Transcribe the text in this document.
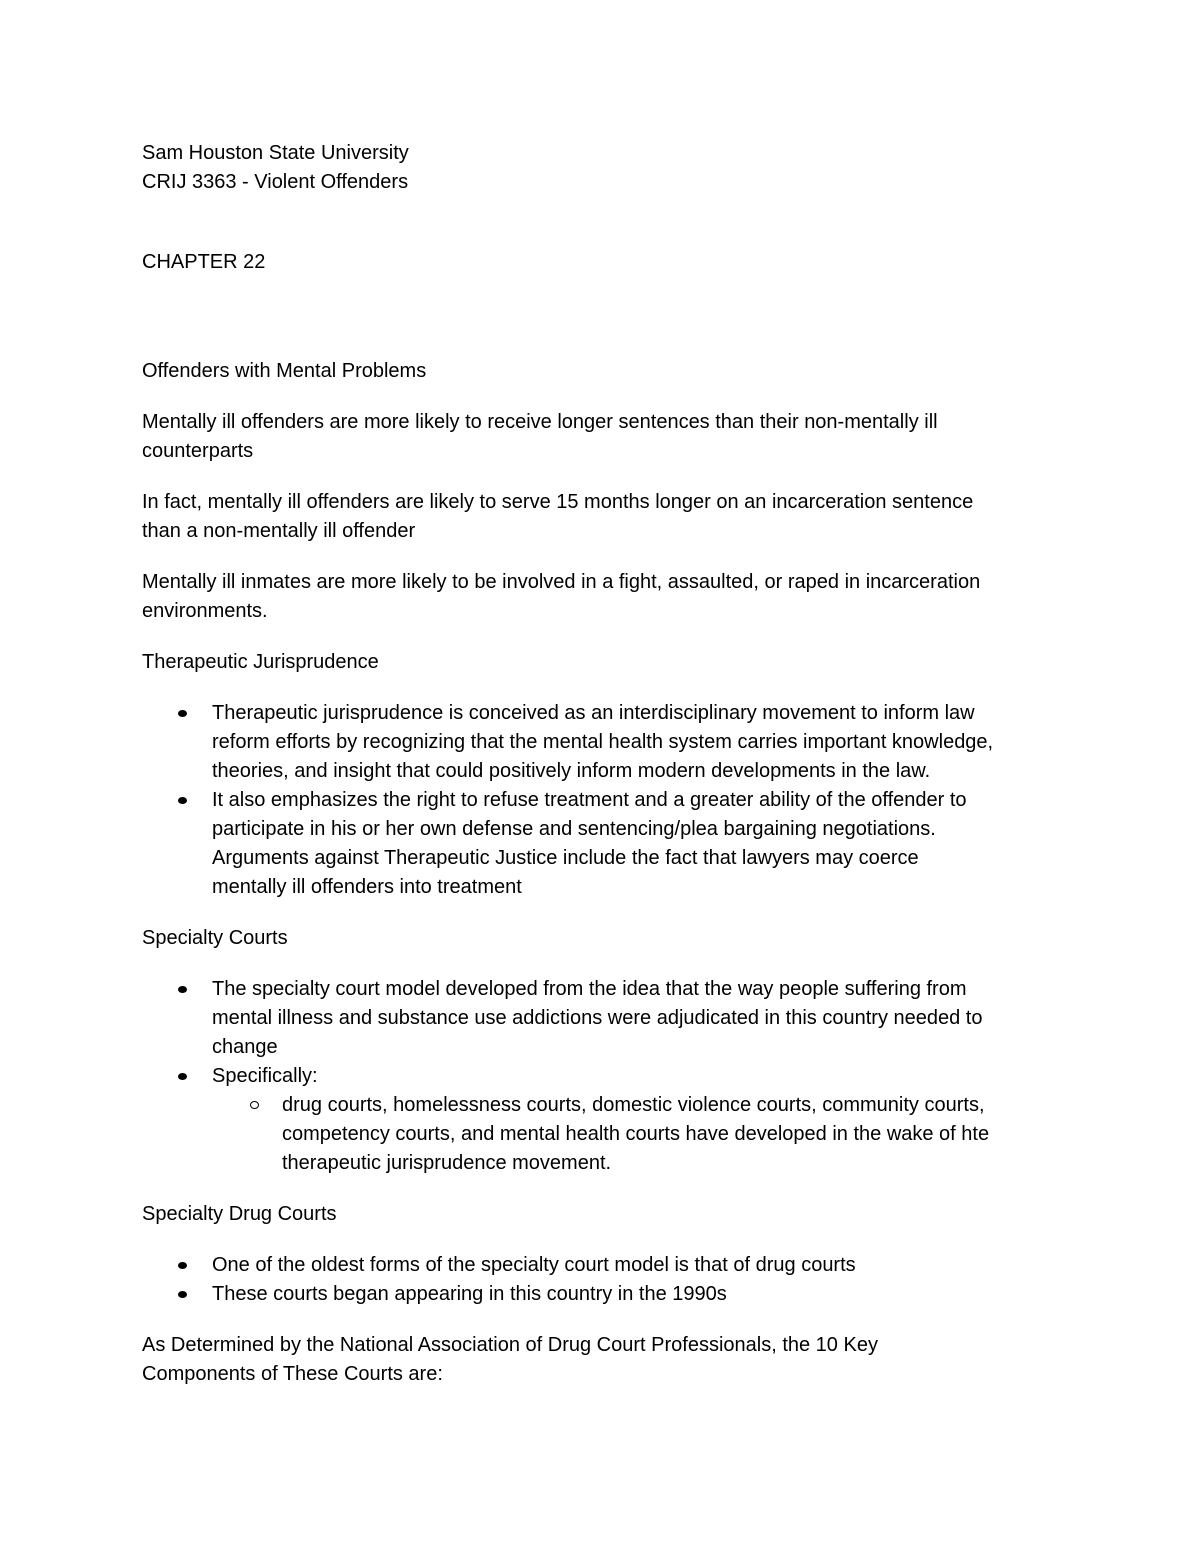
Sam Houston State University
CRIJ 3363 - Violent Offenders

CHAPTER 22

Offenders with Mental Problems

Mentally ill offenders are more likely to receive longer sentences than their non-mentally ill
counterparts

In fact, mentally ill offenders are likely to serve 15 months longer on an incarceration sentence
than a non-mentally ill offender

Mentally ill inmates are more likely to be involved in a fight, assaulted, or raped in incarceration
environments.

Therapeutic Jurisprudence

Therapeutic jurisprudence is conceived as an interdisciplinary movement to inform law
reform efforts by recognizing that the mental health system carries important knowledge,
theories, and insight that could positively inform modern developments in the law.
It also emphasizes the right to refuse treatment and a greater ability of the offender to
participate in his or her own defense and sentencing/plea bargaining negotiations.
Arguments against Therapeutic Justice include the fact that lawyers may coerce
mentally ill offenders into treatment

Specialty Courts

The specialty court model developed from the idea that the way people suffering from
mental illness and substance use addictions were adjudicated in this country needed to
change
Specifically:
drug courts, homelessness courts, domestic violence courts, community courts,
competency courts, and mental health courts have developed in the wake of hte
therapeutic jurisprudence movement.

Specialty Drug Courts

One of the oldest forms of the specialty court model is that of drug courts
These courts began appearing in this country in the 1990s

As Determined by the National Association of Drug Court Professionals, the 10 Key
Components of These Courts are:
